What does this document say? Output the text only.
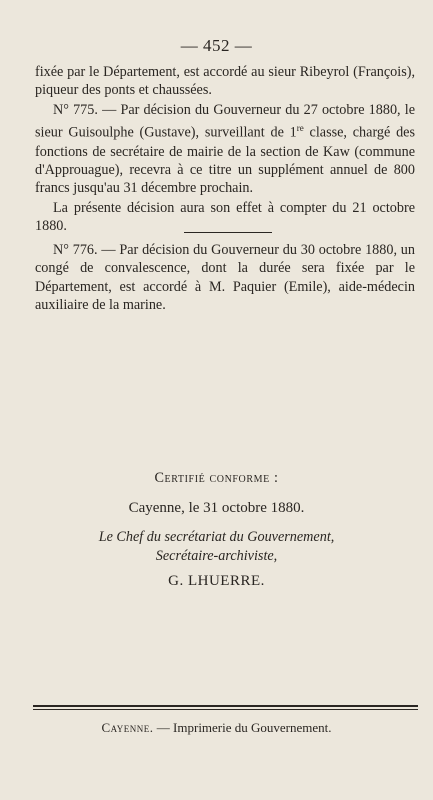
— 452 —

fixée par le Département, est accordé au sieur Ribeyrol (François), piqueur des ponts et chaussées.

N° 775. — Par décision du Gouverneur du 27 octobre 1880, le sieur Guisoulphe (Gustave), surveillant de 1re classe, chargé des fonctions de secrétaire de mairie de la section de Kaw (commune d'Approuague), recevra à ce titre un supplément annuel de 800 francs jusqu'au 31 décembre prochain.

La présente décision aura son effet à compter du 21 octobre 1880.

N° 776. — Par décision du Gouverneur du 30 octobre 1880, un congé de convalescence, dont la durée sera fixée par le Département, est accordé à M. Paquier (Emile), aide-médecin auxiliaire de la marine.

Certifié conforme :
Cayenne, le 31 octobre 1880.
Le Chef du secrétariat du Gouvernement,
Secrétaire-archiviste,
G. LHUERRE.
Cayenne. — Imprimerie du Gouvernement.
